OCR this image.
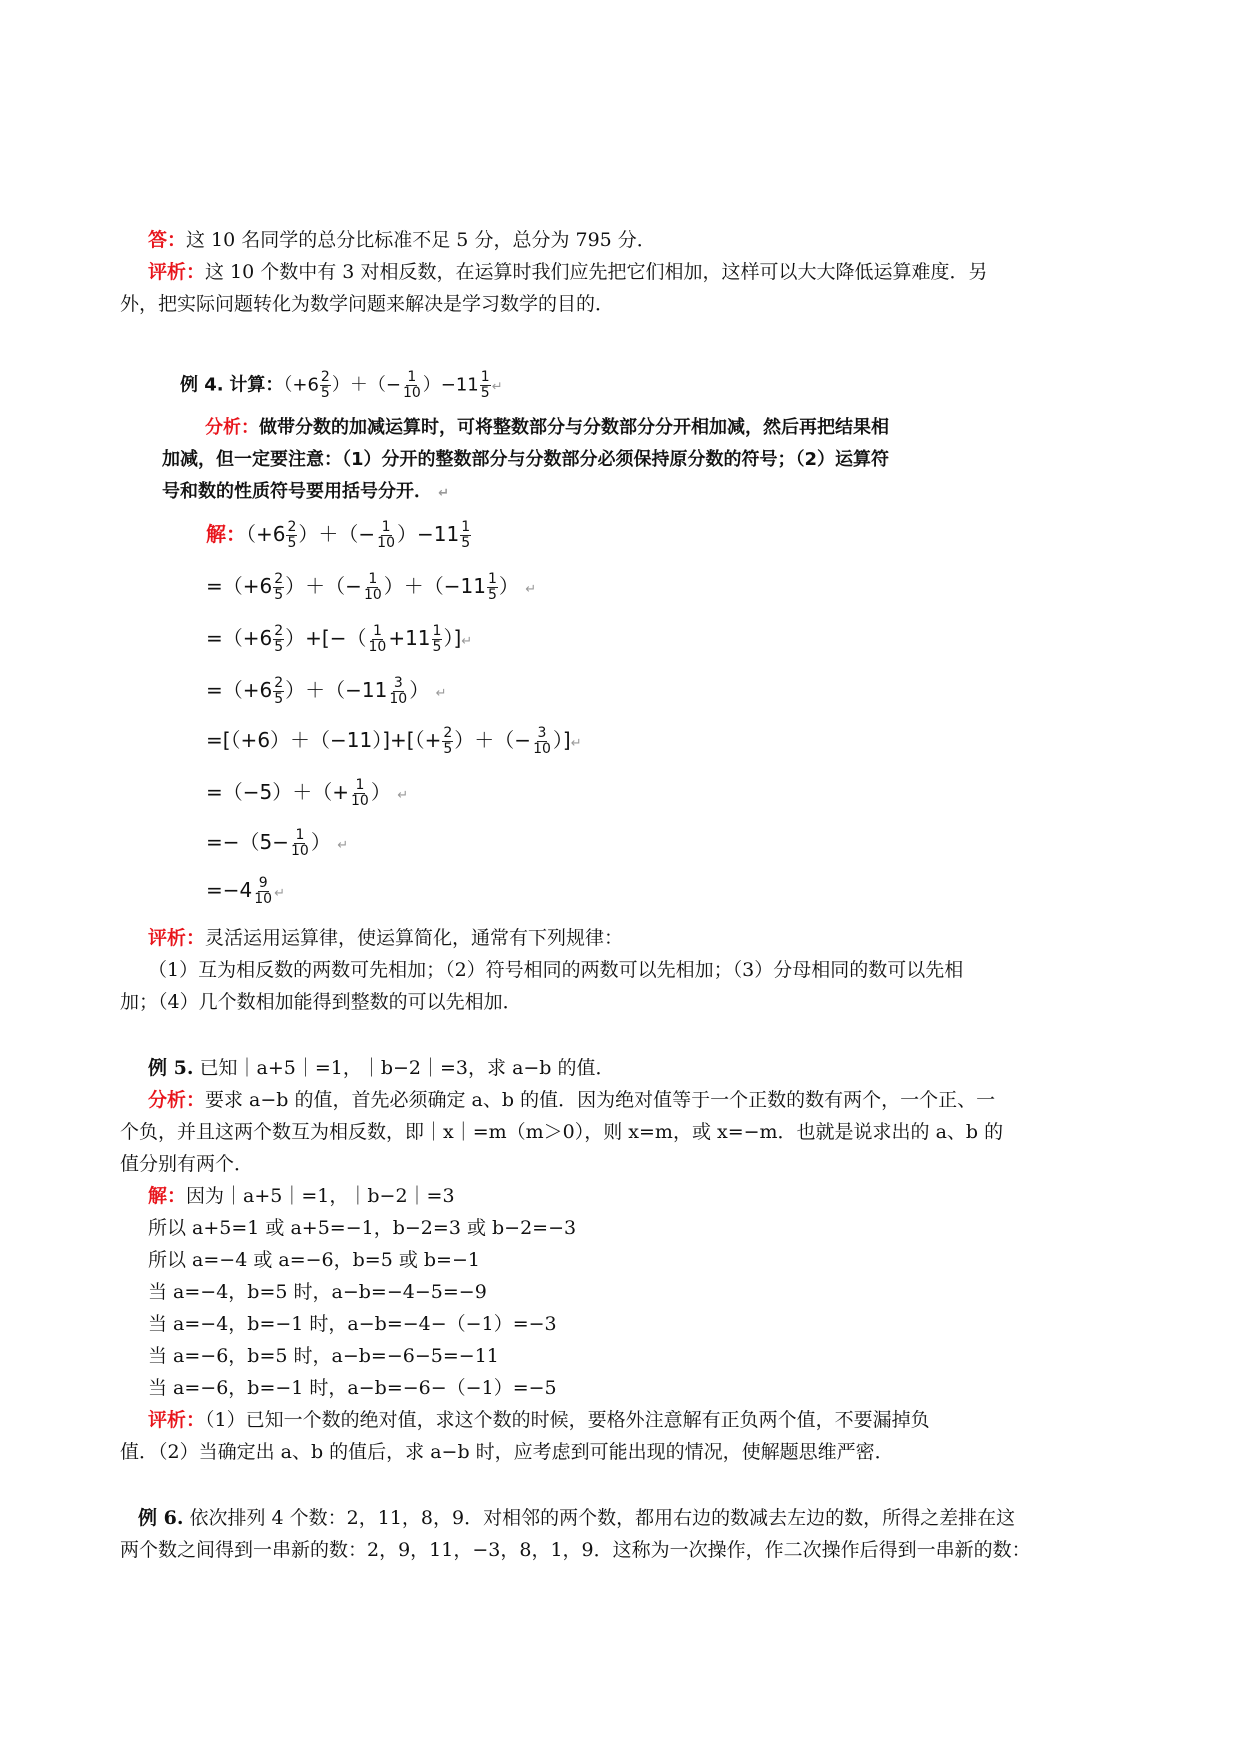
答：这 10 名同学的总分比标准不足 5 分，总分为 795 分．
评析：这 10 个数中有 3 对相反数，在运算时我们应先把它们相加，这样可以大大降低运算难度．另
外，把实际问题转化为数学问题来解决是学习数学的目的．
例 4. 计算：（$+6 \frac{2}{5}$ ）＋（− $\frac{1}{10} )-11 \frac{1}{5}$ ↵
分析：做带分数的加减运算时，可将整数部分与分数部分分开相加减，然后再把结果相
加减，但一定要注意：（1）分开的整数部分与分数部分必须保持原分数的符号；（2）运算符
号和数的性质符号要用括号分开． ↵
解：（$+6 \frac{2}{5}$ ）＋（− $\frac{1}{10} )-11 \frac{1}{5}$
$=(+6 \frac{2}{5}$ ）＋（− $\frac{1}{10} )+(-11 \frac{1}{5}$ ） ↵
$=(+6 \frac{2}{5}$ ）+[−（ $\frac{1}{10} +11 \frac{1}{5}$ ）]↵
$=(+6 \frac{2}{5} )+(-11 \frac{3}{10}$ ） ↵
$=[(+6)+(-11)]+[(+ \frac{2}{5}$ ）＋（− $\frac{3}{10}$ ）]↵
$=(-5)+(+ \frac{1}{10}$ ） ↵
$=-(5- \frac{1}{10}$ ） ↵
$=-4 \frac{9}{10}$ ↵
评析：灵活运用运算律，使运算简化，通常有下列规律：
（1）互为相反数的两数可先相加；（2）符号相同的两数可以先相加；（3）分母相同的数可以先相
加；（4）几个数相加能得到整数的可以先相加．
例 5. 已知｜a+5｜=1，｜b−2｜=3，求 a−b 的值．
分析：要求 a−b 的值，首先必须确定 a、b 的值．因为绝对值等于一个正数的数有两个，一个正、一
个负，并且这两个数互为相反数，即｜x｜=m（m＞0），则 x=m，或 x=−m．也就是说求出的 a、b 的
值分别有两个．
解：因为｜a+5｜=1，｜b−2｜=3
所以 a+5=1 或 a+5=−1，b−2=3 或 b−2=−3
所以 a=−4 或 a=−6，b=5 或 b=−1
当 a=−4，b=5 时，a−b=−4−5=−9
当 a=−4，b=−1 时，a−b=−4−（−1）=−3
当 a=−6，b=5 时，a−b=−6−5=−11
当 a=−6，b=−1 时，a−b=−6−（−1）=−5
评析：（1）已知一个数的绝对值，求这个数的时候，要格外注意解有正负两个值，不要漏掉负
值．（2）当确定出 a、b 的值后，求 a−b 时，应考虑到可能出现的情况，使解题思维严密．
例 6. 依次排列 4 个数：2，11，8，9．对相邻的两个数，都用右边的数减去左边的数，所得之差排在这
两个数之间得到一串新的数：2，9，11，−3，8，1，9．这称为一次操作，作二次操作后得到一串新的数：
